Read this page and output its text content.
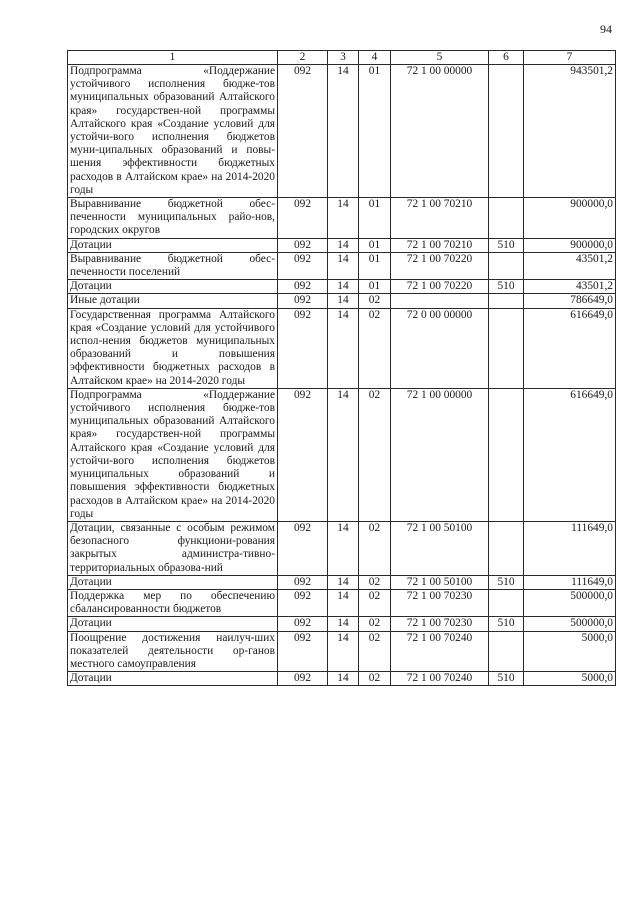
94
1	2	3	4	5	6	7
Подпрограмма «Поддержание устойчивого исполнения бюдже-тов муниципальных образований Алтайского края» государствен-ной программы Алтайского края «Создание условий для устойчи-вого исполнения бюджетов муни-ципальных образований и повы-шения эффективности бюджетных расходов в Алтайском крае» на 2014-2020 годы	092	14	01	72 1 00 00000		943501,2
Выравнивание бюджетной обес-печенности муниципальных райо-нов, городских округов	092	14	01	72 1 00 70210		900000,0
Дотации	092	14	01	72 1 00 70210	510	900000,0
Выравнивание бюджетной обес-печенности поселений	092	14	01	72 1 00 70220		43501,2
Дотации	092	14	01	72 1 00 70220	510	43501,2
Иные дотации	092	14	02			786649,0
Государственная программа Алтайского края «Создание условий для устойчивого испол-нения бюджетов муниципальных образований и повышения эффективности бюджетных расходов в Алтайском крае» на 2014-2020 годы	092	14	02	72 0 00 00000		616649,0
Подпрограмма «Поддержание устойчивого исполнения бюдже-тов муниципальных образований Алтайского края» государствен-ной программы Алтайского края «Создание условий для устойчи-вого исполнения бюджетов муниципальных образований и повышения эффективности бюджетных расходов в Алтайском крае» на 2014-2020 годы	092	14	02	72 1 00 00000		616649,0
Дотации, связанные с особым режимом безопасного функциони-рования закрытых администра-тивно-территориальных образова-ний	092	14	02	72 1 00 50100		111649,0
Дотации	092	14	02	72 1 00 50100	510	111649,0
Поддержка мер по обеспечению сбалансированности бюджетов	092	14	02	72 1 00 70230		500000,0
Дотации	092	14	02	72 1 00 70230	510	500000,0
Поощрение достижения наилуч-ших показателей деятельности ор-ганов местного самоуправления	092	14	02	72 1 00 70240		5000,0
Дотации	092	14	02	72 1 00 70240	510	5000,0
